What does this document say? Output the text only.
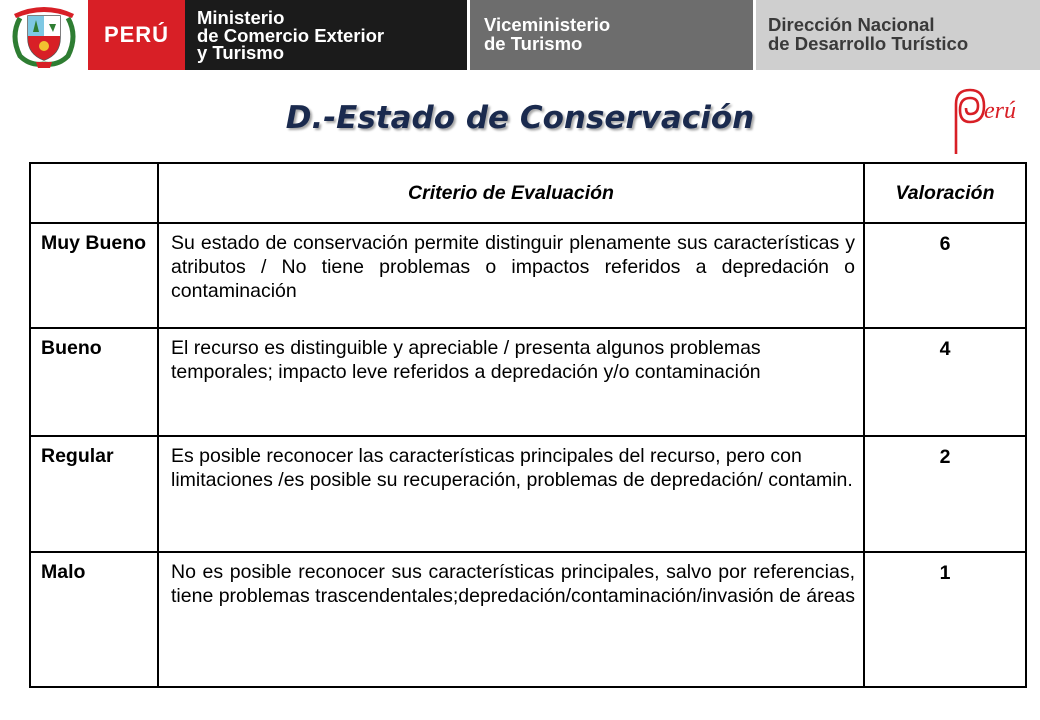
PERÚ
Ministerio
de Comercio Exterior
y Turismo
Viceministerio
de Turismo
Dirección Nacional
de Desarrollo Turístico
D.-Estado de Conservación	erú
	Criterio de Evaluación	Valoración
Muy Bueno	Su estado de conservación permite distinguir plenamente sus características y atributos / No tiene problemas o impactos referidos a depredación o contaminación	6
Bueno	El recurso es distinguible y apreciable / presenta algunos problemas temporales; impacto leve referidos a depredación y/o contaminación	4
Regular	Es posible reconocer las características principales del recurso, pero con limitaciones /es posible su recuperación, problemas de depredación/ contamin.	2
Malo	No es posible reconocer sus características principales, salvo por referencias, tiene problemas trascendentales;depredación/contaminación/invasión de áreas	1
